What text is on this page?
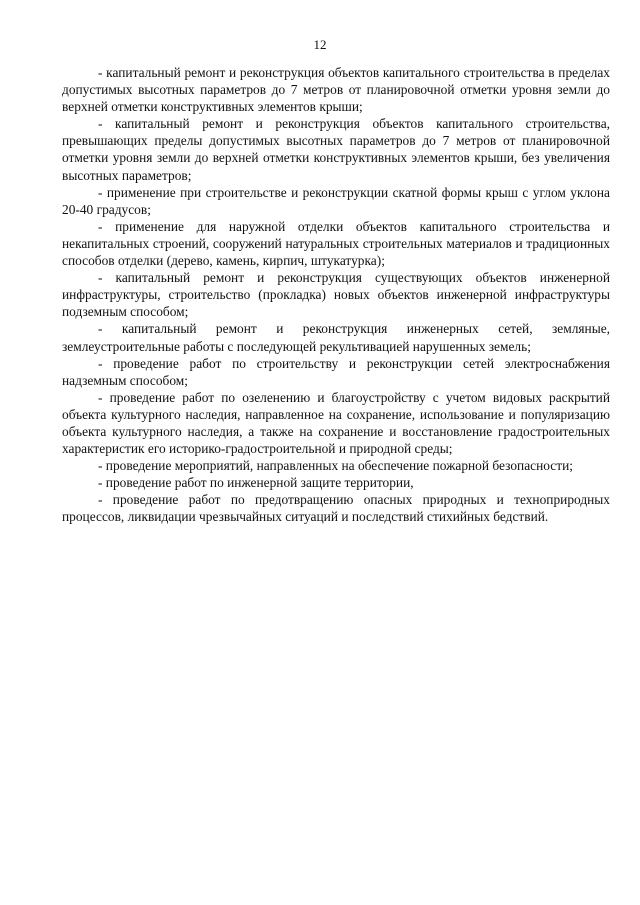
12

- капитальный ремонт и реконструкция объектов капитального строительства в пределах допустимых высотных параметров до 7 метров от планировочной отметки уровня земли до верхней отметки конструктивных элементов крыши;

- капитальный ремонт и реконструкция объектов капитального строительства, превышающих пределы допустимых высотных параметров до 7 метров от планировочной отметки уровня земли до верхней отметки конструктивных элементов крыши, без увеличения высотных параметров;

- применение при строительстве и реконструкции скатной формы крыш с углом уклона 20-40 градусов;

- применение для наружной отделки объектов капитального строительства и некапитальных строений, сооружений натуральных строительных материалов и традиционных способов отделки (дерево, камень, кирпич, штукатурка);

- капитальный ремонт и реконструкция существующих объектов инженерной инфраструктуры, строительство (прокладка) новых объектов инженерной инфраструктуры подземным способом;

- капитальный ремонт и реконструкция инженерных сетей, земляные, землеустроительные работы с последующей рекультивацией нарушенных земель;

- проведение работ по строительству и реконструкции сетей электроснабжения надземным способом;

- проведение работ по озеленению и благоустройству с учетом видовых раскрытий объекта культурного наследия, направленное на сохранение, использование и популяризацию объекта культурного наследия, а также на сохранение и восстановление градостроительных характеристик его историко-градостроительной и природной среды;

- проведение мероприятий, направленных на обеспечение пожарной безопасности;

- проведение работ по инженерной защите территории,

- проведение работ по предотвращению опасных природных и техноприродных процессов, ликвидации чрезвычайных ситуаций и последствий стихийных бедствий.
